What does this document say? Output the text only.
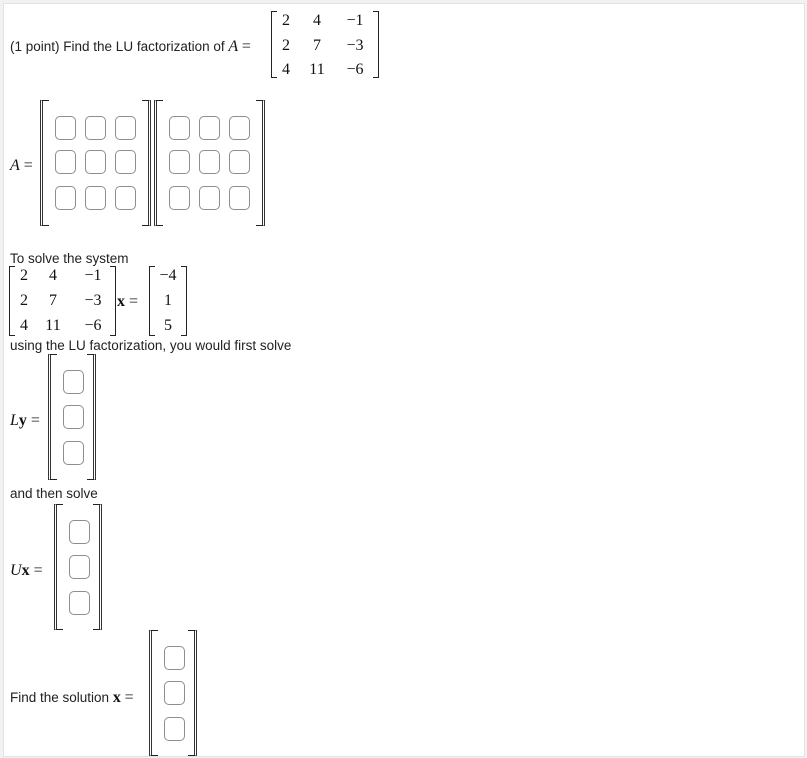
(1 point) Find the LU factorization of A =
2	4	−1
2	7	−3
4	11	−6
A =
To solve the system
2	4	−1
2	7	−3
4	11	−6
x =
−4
1
5
using the LU factorization, you would first solve
Ly =
and then solve
Ux =
Find the solution x =
